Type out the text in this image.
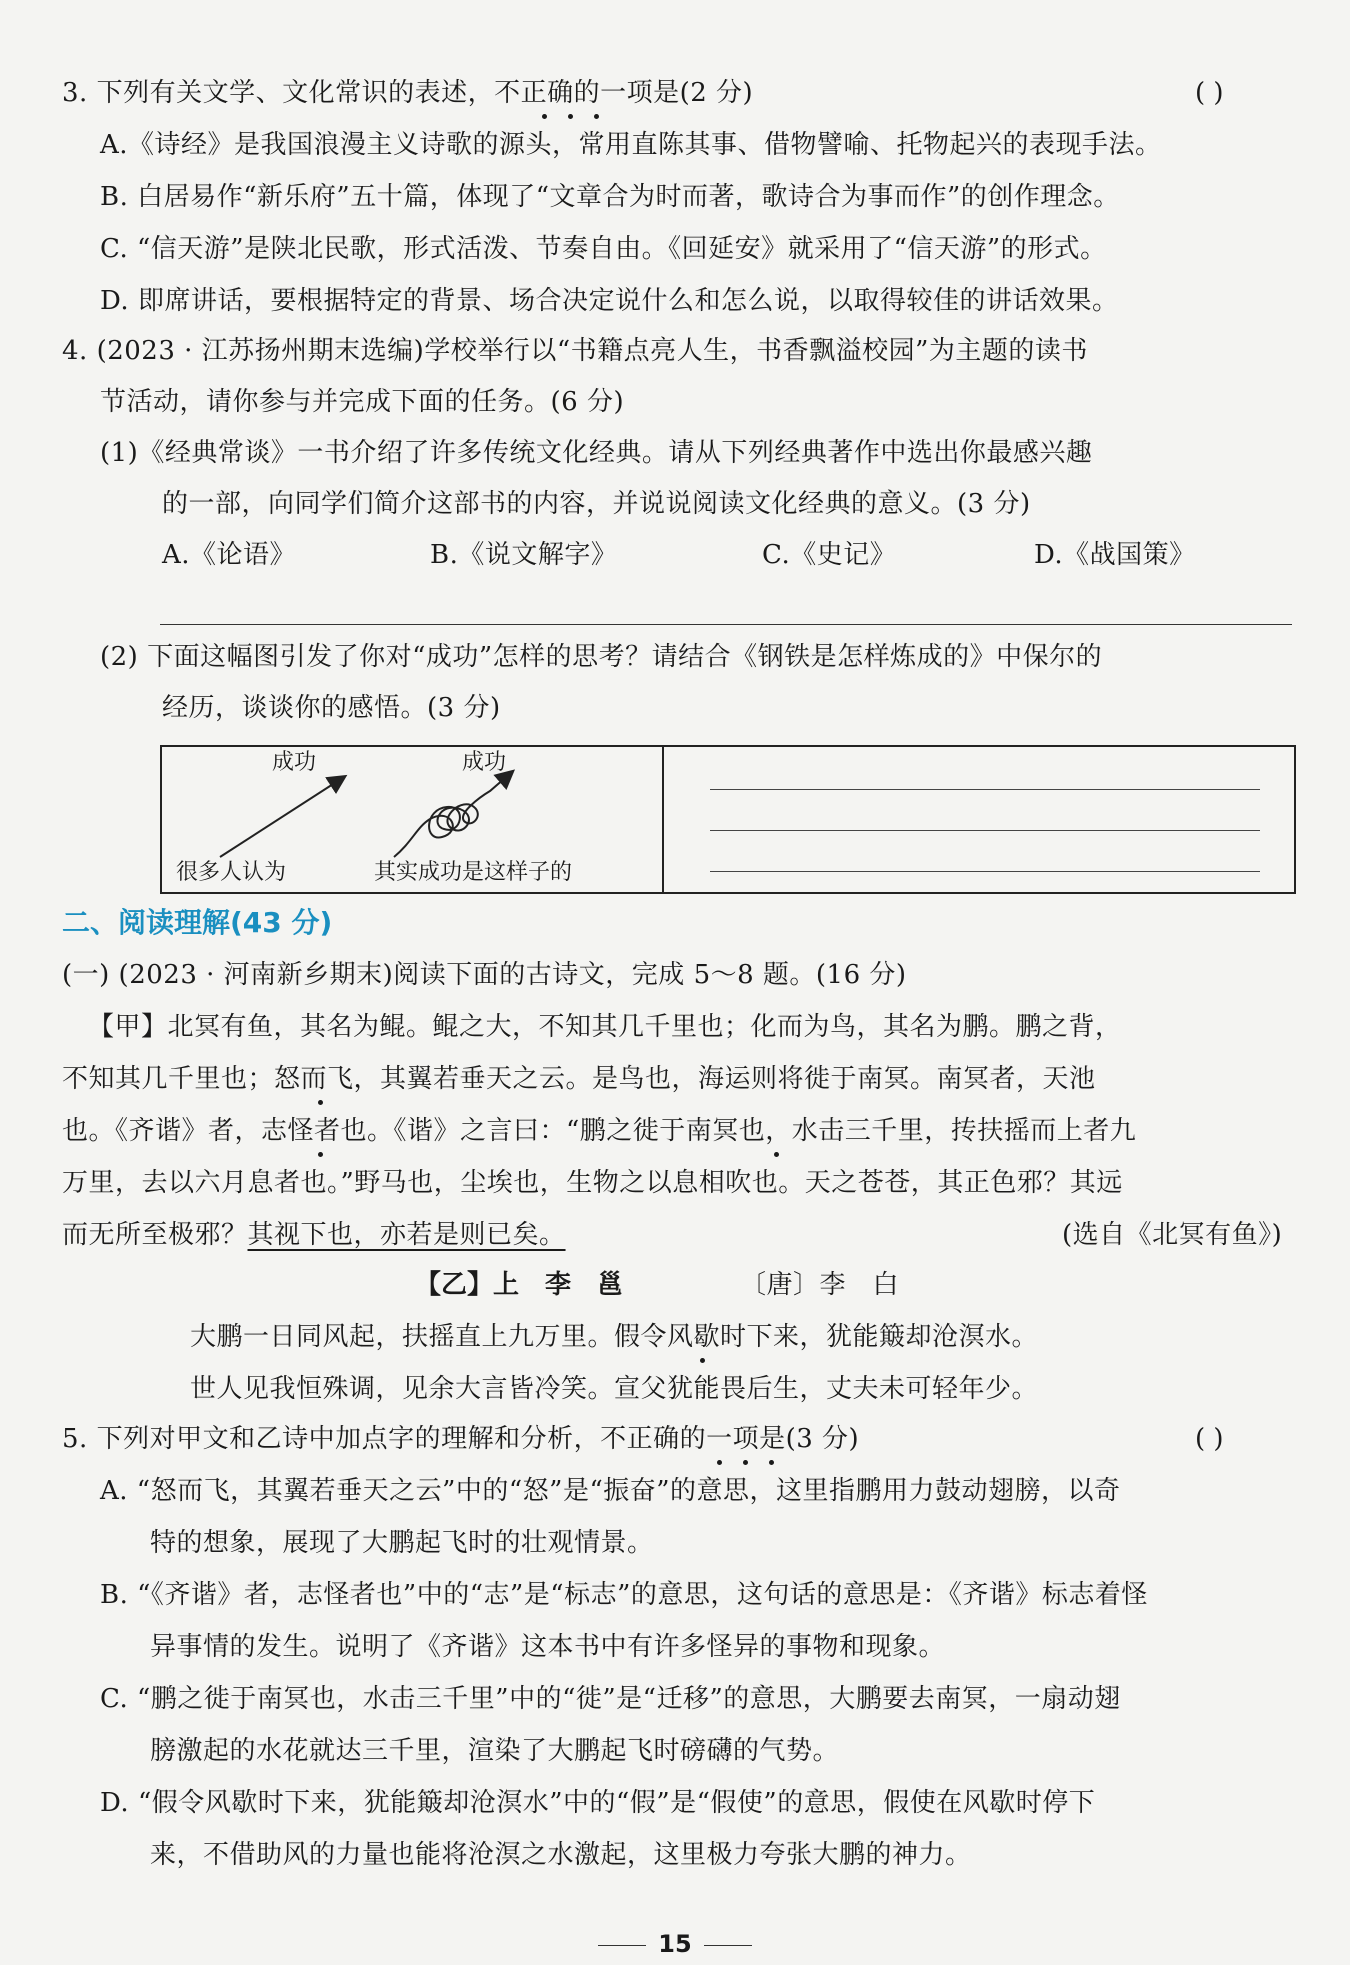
3. 下列有关文学、文化常识的表述，不正确的一项是(2 分)	( )
A.《诗经》是我国浪漫主义诗歌的源头，常用直陈其事、借物譬喻、托物起兴的表现手法。
B. 白居易作“新乐府”五十篇，体现了“文章合为时而著，歌诗合为事而作”的创作理念。
C. “信天游”是陕北民歌，形式活泼、节奏自由。《回延安》就采用了“信天游”的形式。
D. 即席讲话，要根据特定的背景、场合决定说什么和怎么说，以取得较佳的讲话效果。
4. (2023 · 江苏扬州期末选编)学校举行以“书籍点亮人生，书香飘溢校园”为主题的读书
节活动，请你参与并完成下面的任务。(6 分)
(1)《经典常谈》一书介绍了许多传统文化经典。请从下列经典著作中选出你最感兴趣
的一部，向同学们简介这部书的内容，并说说阅读文化经典的意义。(3 分)
A.《论语》	B.《说文解字》	C.《史记》	D.《战国策》
(2) 下面这幅图引发了你对“成功”怎样的思考？请结合《钢铁是怎样炼成的》中保尔的
经历，谈谈你的感悟。(3 分)
成功	成功
很多人认为	其实成功是这样子的
二、阅读理解(43 分)
(一) (2023 · 河南新乡期末)阅读下面的古诗文，完成 5～8 题。(16 分)
【甲】北冥有鱼，其名为鲲。鲲之大，不知其几千里也；化而为鸟，其名为鹏。鹏之背，
不知其几千里也；怒而飞，其翼若垂天之云。是鸟也，海运则将徙于南冥。南冥者，天池
也。《齐谐》者，志怪者也。《谐》之言曰：“鹏之徙于南冥也，水击三千里，抟扶摇而上者九
万里，去以六月息者也。”野马也，尘埃也，生物之以息相吹也。天之苍苍，其正色邪？其远
而无所至极邪？其视下也，亦若是则已矣。	(选自《北冥有鱼》)
【乙】上　李　邕	〔唐〕李　白
大鹏一日同风起，扶摇直上九万里。假令风歇时下来，犹能簸却沧溟水。
世人见我恒殊调，见余大言皆冷笑。宣父犹能畏后生，丈夫未可轻年少。
5. 下列对甲文和乙诗中加点字的理解和分析，不正确的一项是(3 分)	( )
A. “怒而飞，其翼若垂天之云”中的“怒”是“振奋”的意思，这里指鹏用力鼓动翅膀，以奇
特的想象，展现了大鹏起飞时的壮观情景。
B. “《齐谐》者，志怪者也”中的“志”是“标志”的意思，这句话的意思是：《齐谐》标志着怪
异事情的发生。说明了《齐谐》这本书中有许多怪异的事物和现象。
C. “鹏之徙于南冥也，水击三千里”中的“徙”是“迁移”的意思，大鹏要去南冥，一扇动翅
膀激起的水花就达三千里，渲染了大鹏起飞时磅礴的气势。
D. “假令风歇时下来，犹能簸却沧溟水”中的“假”是“假使”的意思，假使在风歇时停下
来，不借助风的力量也能将沧溟之水激起，这里极力夸张大鹏的神力。
15
